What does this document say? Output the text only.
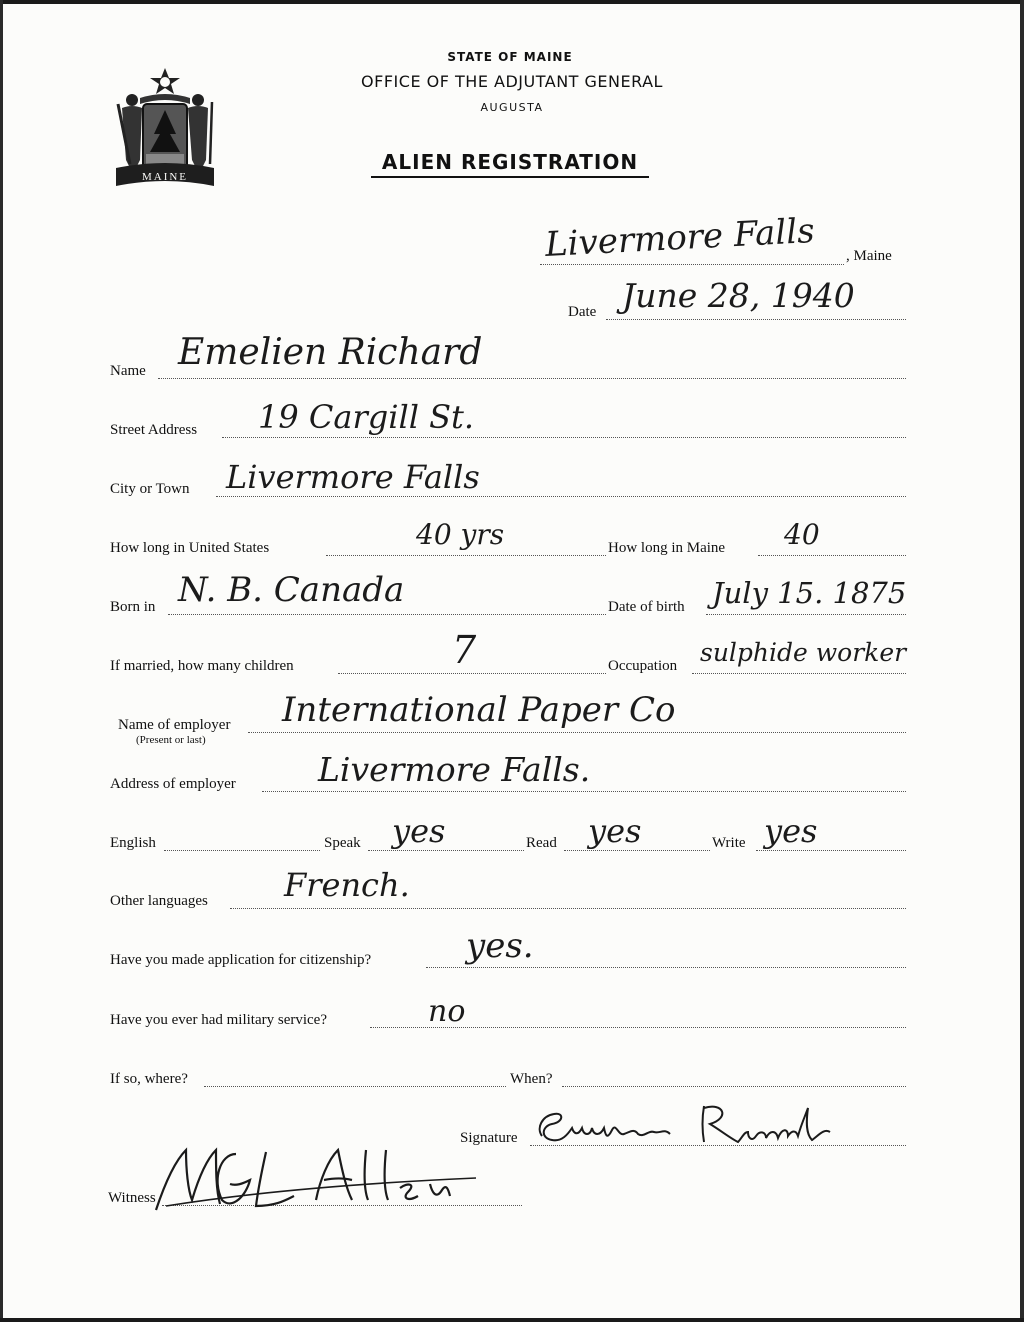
MAINE
STATE OF MAINE
OFFICE OF THE ADJUTANT GENERAL
AUGUSTA
ALIEN REGISTRATION
Livermore Falls , Maine
Date June 28, 1940
Name Emelien Richard
Street Address 19 Cargill St.
City or Town Livermore Falls
How long in United States	40 yrs	How long in Maine 40
Born in N. B. Canada	Date of birth July 15. 1875
If married, how many children	7	Occupation sulphide worker
Name of employer
(Present or last)
International Paper Co
Address of employer Livermore Falls.
English	Speak yes	Read yes	Write yes
Other languages French.
Have you made application for citizenship?	yes.
Have you ever had military service?	no
If so, where?	When?
Signature
Witness
